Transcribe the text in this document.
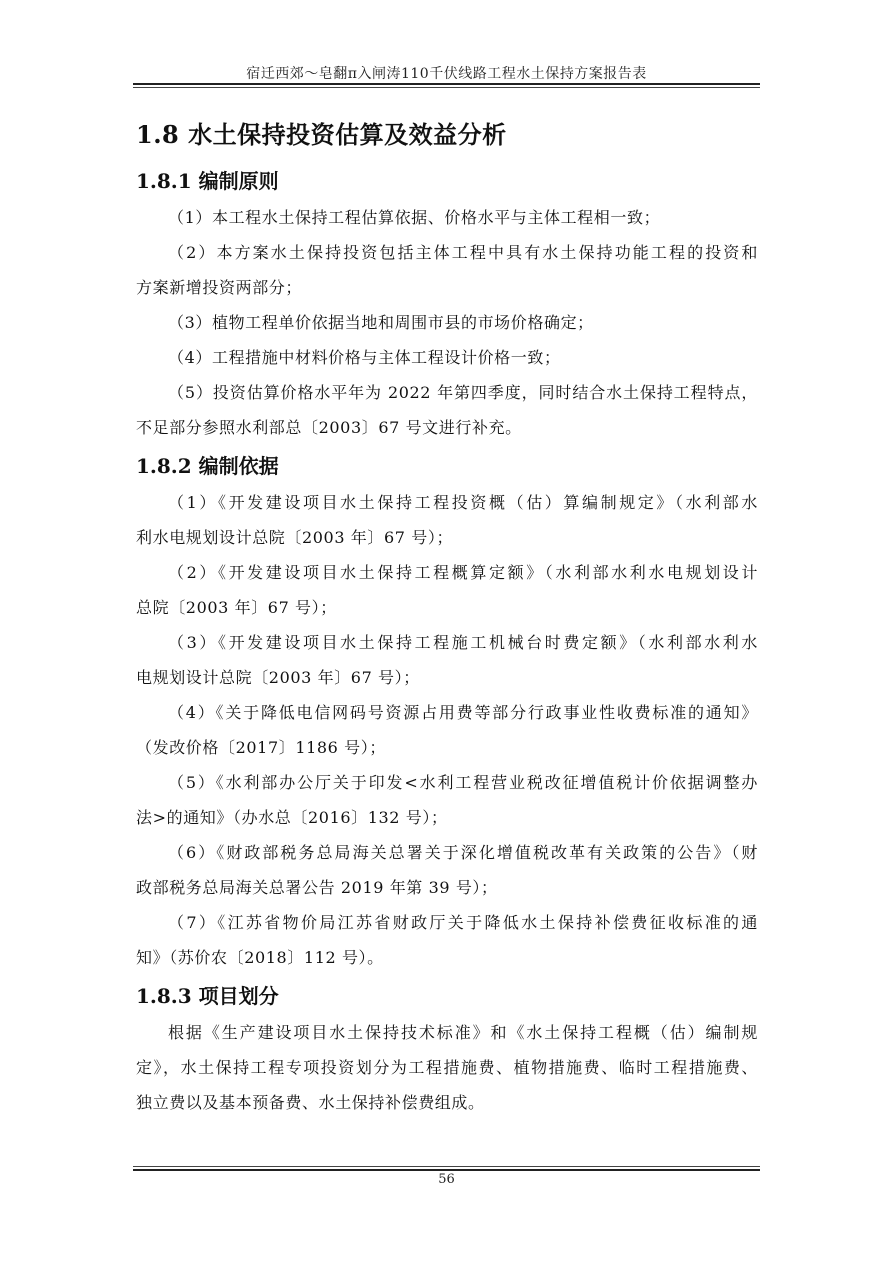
宿迁西郊～皂翻π入闸涛110千伏线路工程水土保持方案报告表
1.8 水土保持投资估算及效益分析
1.8.1 编制原则
（1）本工程水土保持工程估算依据、价格水平与主体工程相一致；
（2）本方案水土保持投资包括主体工程中具有水土保持功能工程的投资和
方案新增投资两部分；
（3）植物工程单价依据当地和周围市县的市场价格确定；
（4）工程措施中材料价格与主体工程设计价格一致；
（5）投资估算价格水平年为 2022 年第四季度，同时结合水土保持工程特点，
不足部分参照水利部总〔2003〕67 号文进行补充。
1.8.2 编制依据
（1）《开发建设项目水土保持工程投资概（估）算编制规定》（水利部水
利水电规划设计总院〔2003 年〕67 号）；
（2）《开发建设项目水土保持工程概算定额》（水利部水利水电规划设计
总院〔2003 年〕67 号）；
（3）《开发建设项目水土保持工程施工机械台时费定额》（水利部水利水
电规划设计总院〔2003 年〕67 号）；
（4）《关于降低电信网码号资源占用费等部分行政事业性收费标准的通知》
（发改价格〔2017〕1186 号）；
（5）《水利部办公厅关于印发<水利工程营业税改征增值税计价依据调整办
法>的通知》（办水总〔2016〕132 号）；
（6）《财政部税务总局海关总署关于深化增值税改革有关政策的公告》（财
政部税务总局海关总署公告 2019 年第 39 号）；
（7）《江苏省物价局江苏省财政厅关于降低水土保持补偿费征收标准的通
知》（苏价农〔2018〕112 号）。
1.8.3 项目划分
根据《生产建设项目水土保持技术标准》和《水土保持工程概（估）编制规
定》，水土保持工程专项投资划分为工程措施费、植物措施费、临时工程措施费、
独立费以及基本预备费、水土保持补偿费组成。
56
